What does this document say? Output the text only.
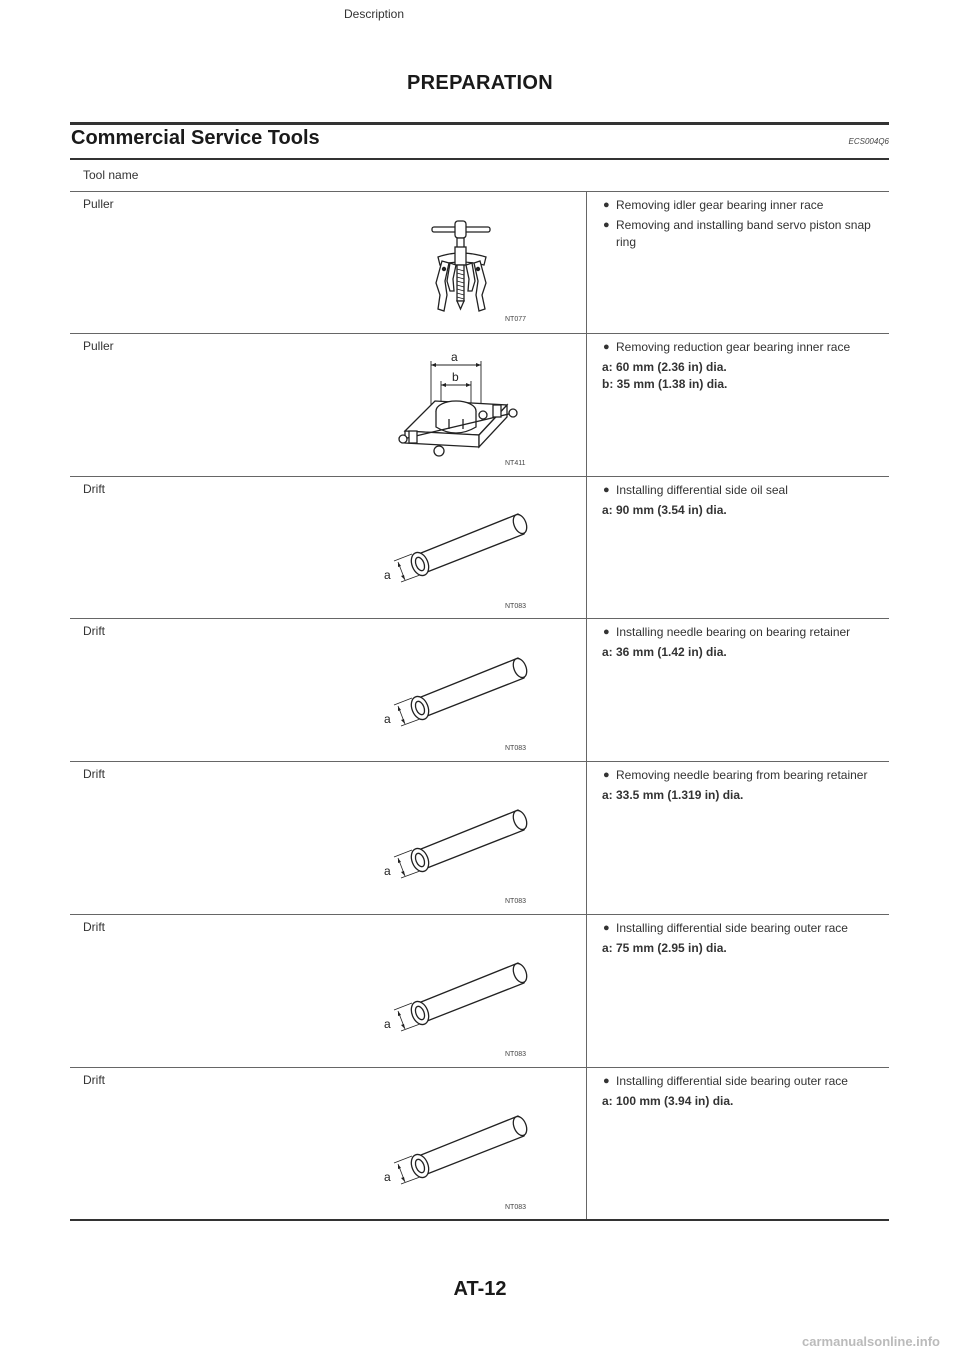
PREPARATION
Commercial Service Tools	ECS004Q6
Tool name
Description
Puller
NT077
● Removing idler gear bearing inner race
● Removing and installing band servo piston snap ring
Puller
a
b
NT411
● Removing reduction gear bearing inner race
a: 60 mm (2.36 in) dia.
b: 35 mm (1.38 in) dia.
Drift
a
NT083
● Installing differential side oil seal
a: 90 mm (3.54 in) dia.
Drift
a
NT083
● Installing needle bearing on bearing retainer
a: 36 mm (1.42 in) dia.
Drift
a
NT083
● Removing needle bearing from bearing retainer
a: 33.5 mm (1.319 in) dia.
Drift
a
NT083
● Installing differential side bearing outer race
a: 75 mm (2.95 in) dia.
Drift
a
NT083
● Installing differential side bearing outer race
a: 100 mm (3.94 in) dia.
AT-12
carmanualsonline.info
